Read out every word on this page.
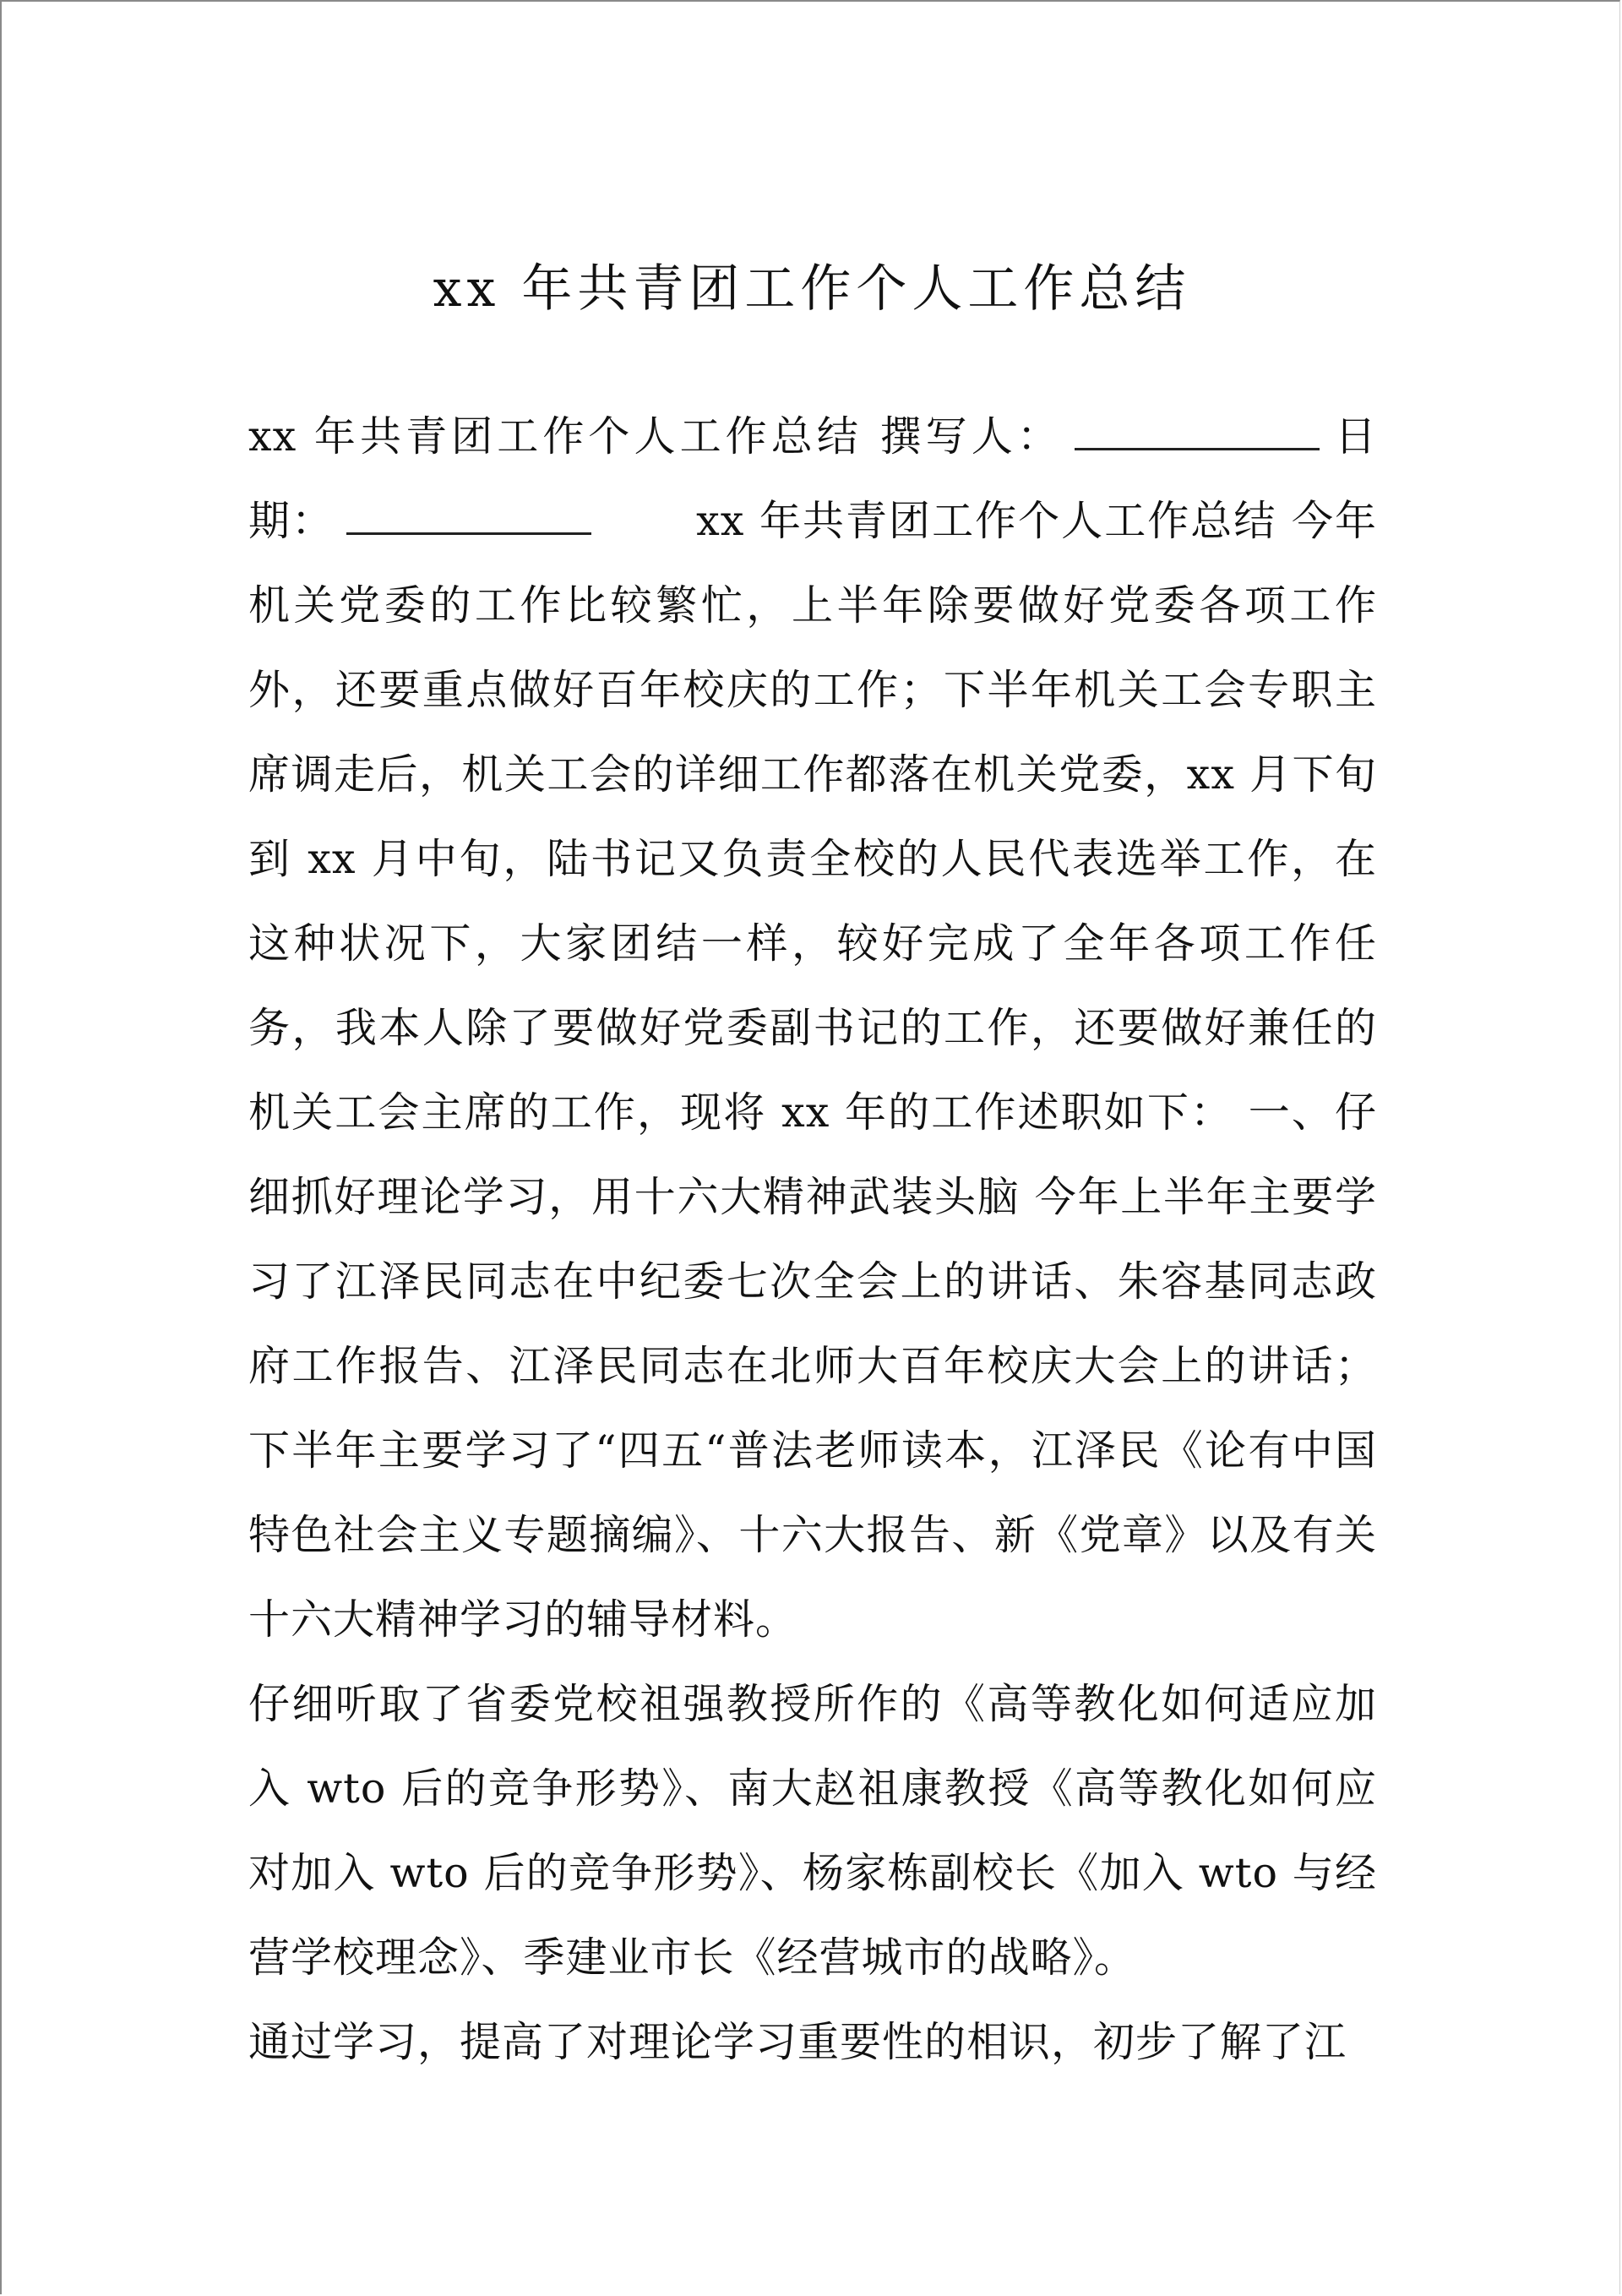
xx 年共青团工作个人工作总结

xx 年共青团工作个人工作总结 撰写人：	日期：	xx 年共青团工作个人工作总结 今年机关党委的工作比较繁忙，上半年除要做好党委各项工作外，还要重点做好百年校庆的工作；下半年机关工会专职主席调走后，机关工会的详细工作都落在机关党委，xx 月下旬到 xx 月中旬，陆书记又负责全校的人民代表选举工作，在这种状况下，大家团结一样，较好完成了全年各项工作任务，我本人除了要做好党委副书记的工作，还要做好兼任的机关工会主席的工作，现将 xx 年的工作述职如下： 一、仔细抓好理论学习，用十六大精神武装头脑 今年上半年主要学习了江泽民同志在中纪委七次全会上的讲话、朱容基同志政府工作报告、江泽民同志在北师大百年校庆大会上的讲话；下半年主要学习了“四五“普法老师读本，江泽民《论有中国特色社会主义专题摘编》、十六大报告、新《党章》以及有关十六大精神学习的辅导材料。

仔细听取了省委党校祖强教授所作的《高等教化如何适应加入 wto 后的竞争形势》、南大赵祖康教授《高等教化如何应对加入 wto 后的竞争形势》、杨家栋副校长《加入 wto 与经营学校理念》、季建业市长《经营城市的战略》。

通过学习，提高了对理论学习重要性的相识，初步了解了江
